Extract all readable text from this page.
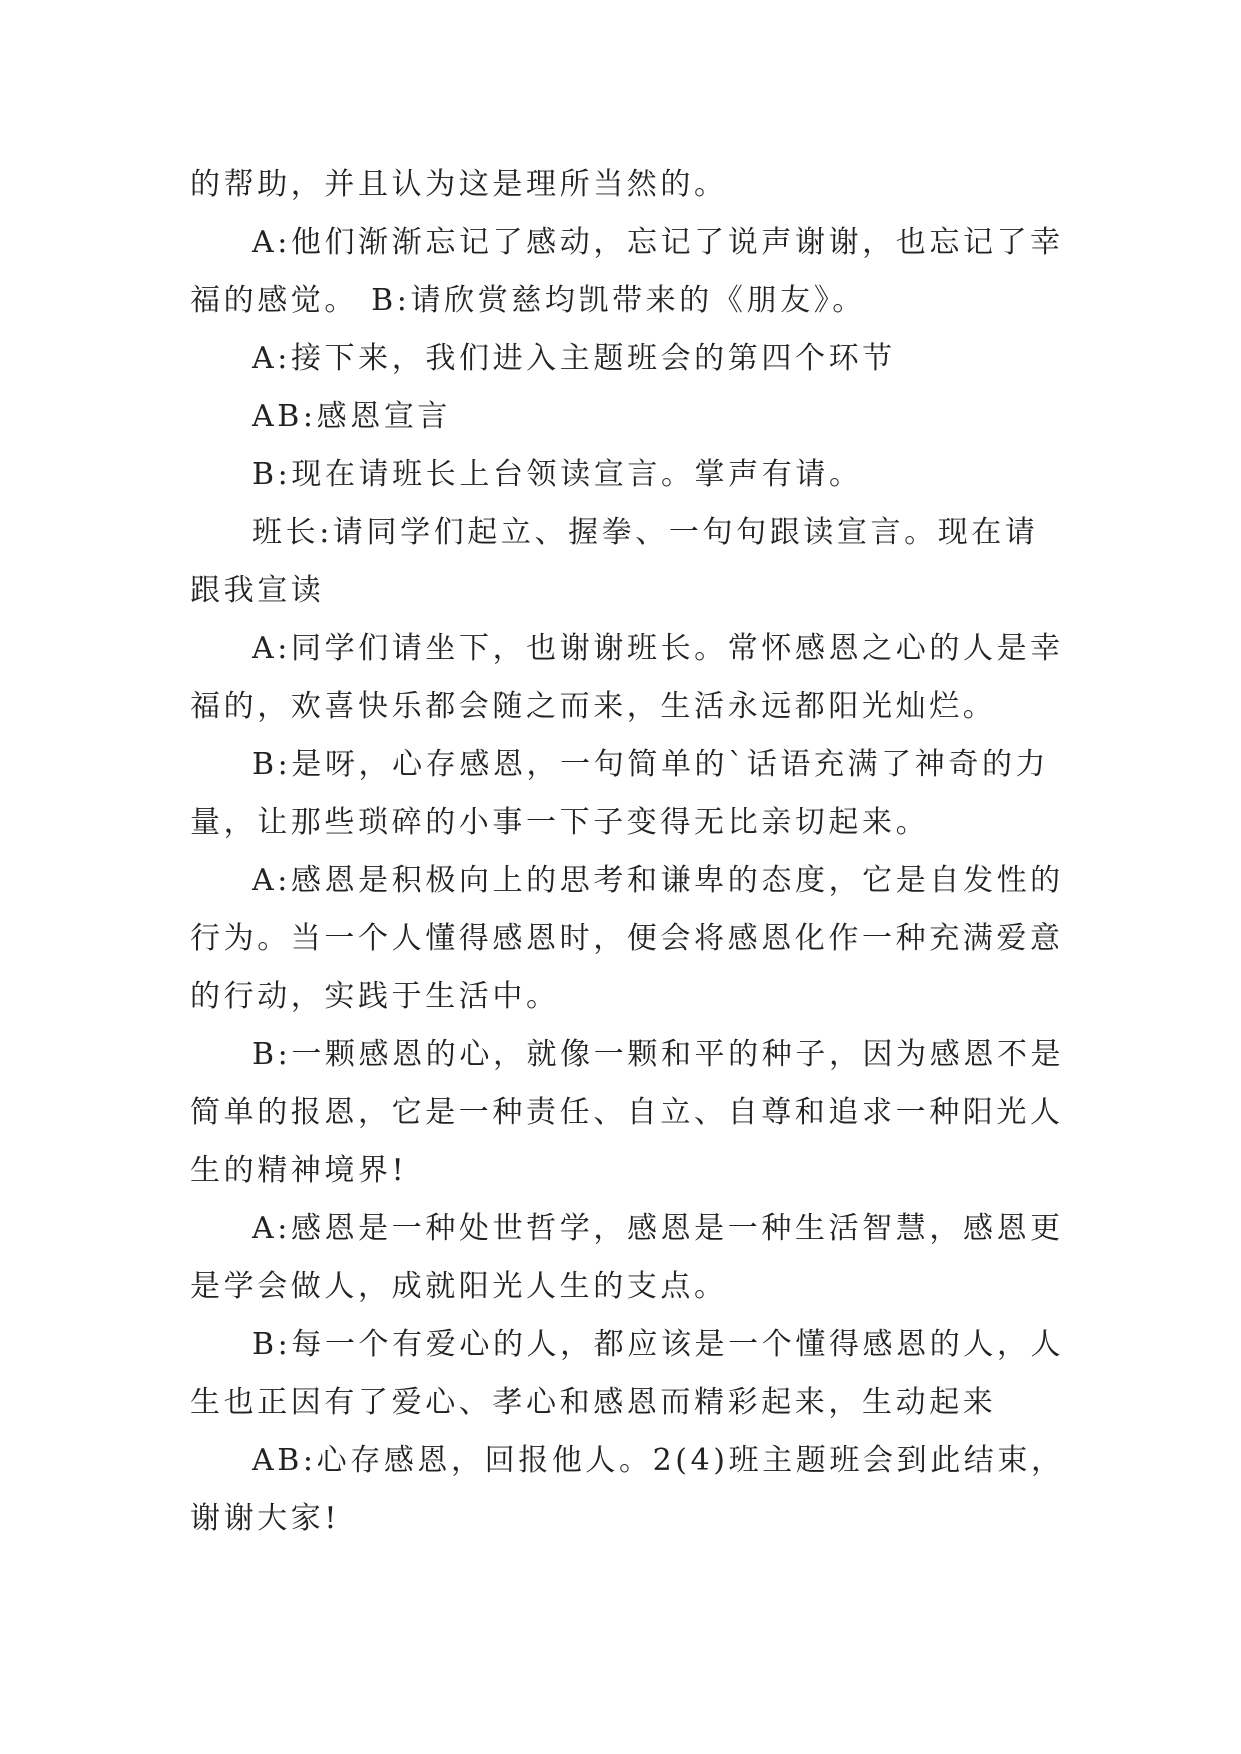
的帮助，并且认为这是理所当然的。
A:他们渐渐忘记了感动，忘记了说声谢谢，也忘记了幸
福的感觉。 B:请欣赏慈均凯带来的《朋友》。
A:接下来，我们进入主题班会的第四个环节
AB:感恩宣言
B:现在请班长上台领读宣言。掌声有请。
班长:请同学们起立、握拳、一句句跟读宣言。现在请
跟我宣读
A:同学们请坐下，也谢谢班长。常怀感恩之心的人是幸
福的，欢喜快乐都会随之而来，生活永远都阳光灿烂。
B:是呀，心存感恩，一句简单的`话语充满了神奇的力
量，让那些琐碎的小事一下子变得无比亲切起来。
A:感恩是积极向上的思考和谦卑的态度，它是自发性的
行为。当一个人懂得感恩时，便会将感恩化作一种充满爱意
的行动，实践于生活中。
B:一颗感恩的心，就像一颗和平的种子，因为感恩不是
简单的报恩，它是一种责任、自立、自尊和追求一种阳光人
生的精神境界!
A:感恩是一种处世哲学，感恩是一种生活智慧，感恩更
是学会做人，成就阳光人生的支点。
B:每一个有爱心的人，都应该是一个懂得感恩的人，人
生也正因有了爱心、孝心和感恩而精彩起来，生动起来
AB:心存感恩，回报他人。2(4)班主题班会到此结束，
谢谢大家!
